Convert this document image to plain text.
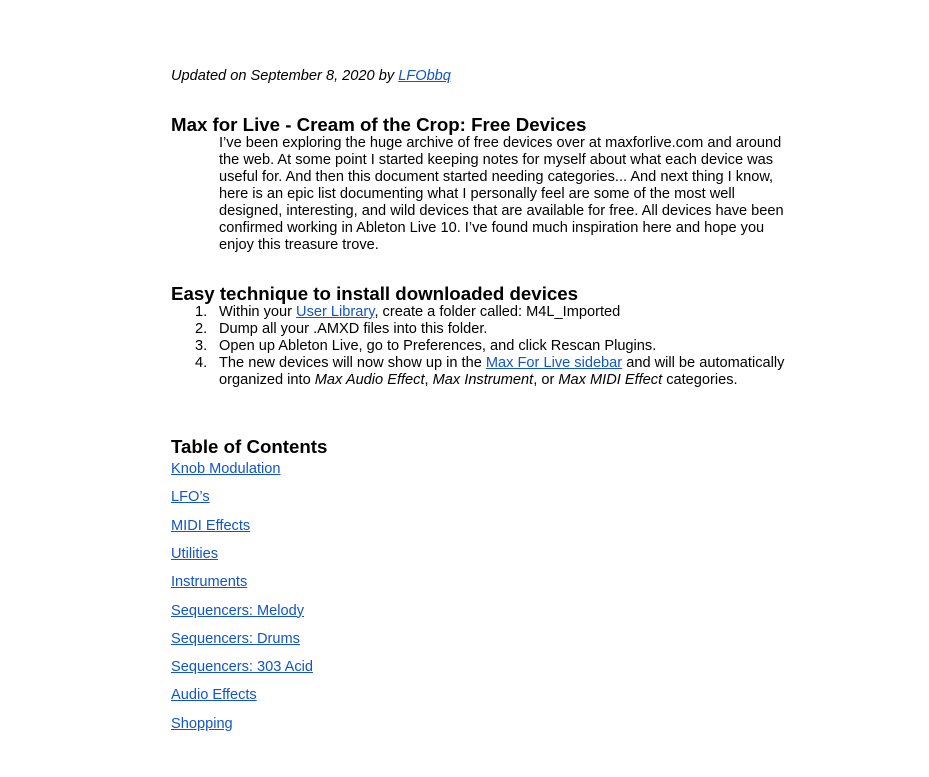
Updated on September 8, 2020 by LFObbq
Max for Live - Cream of the Crop: Free Devices
I’ve been exploring the huge archive of free devices over at maxforlive.com and around the web. At some point I started keeping notes for myself about what each device was useful for. And then this document started needing categories... And next thing I know, here is an epic list documenting what I personally feel are some of the most well designed, interesting, and wild devices that are available for free. All devices have been confirmed working in Ableton Live 10. I’ve found much inspiration here and hope you enjoy this treasure trove.
Easy technique to install downloaded devices
1. Within your User Library, create a folder called: M4L_Imported
2. Dump all your .AMXD files into this folder.
3. Open up Ableton Live, go to Preferences, and click Rescan Plugins.
4. The new devices will now show up in the Max For Live sidebar and will be automatically organized into Max Audio Effect, Max Instrument, or Max MIDI Effect categories.
Table of Contents
Knob Modulation
LFO’s
MIDI Effects
Utilities
Instruments
Sequencers: Melody
Sequencers: Drums
Sequencers: 303 Acid
Audio Effects
Shopping
